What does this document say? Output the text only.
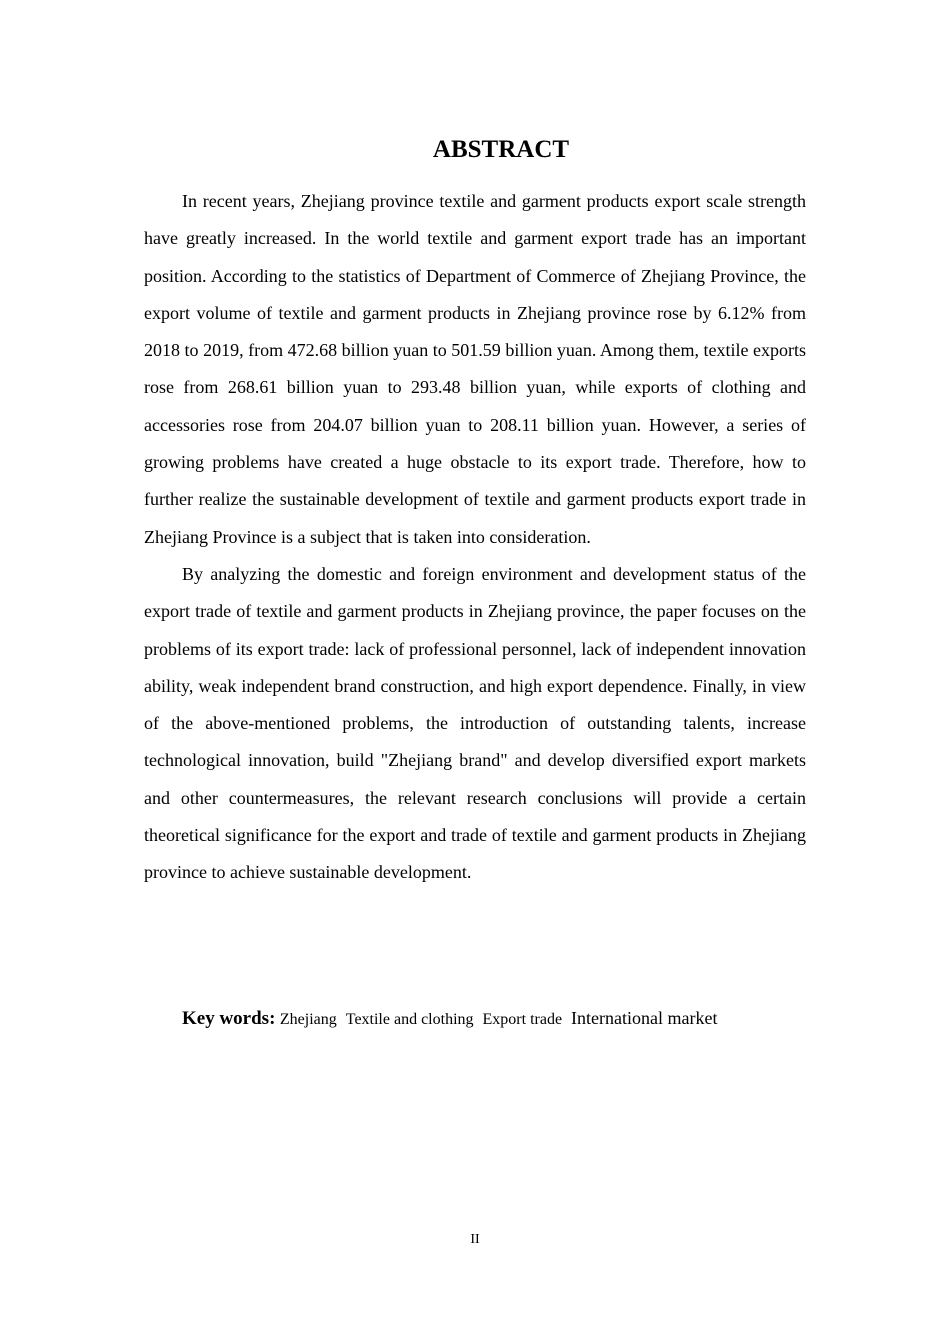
ABSTRACT

In recent years, Zhejiang province textile and garment products export scale strength have greatly increased. In the world textile and garment export trade has an important position. According to the statistics of Department of Commerce of Zhejiang Province, the export volume of textile and garment products in Zhejiang province rose by 6.12% from 2018 to 2019, from 472.68 billion yuan to 501.59 billion yuan. Among them, textile exports rose from 268.61 billion yuan to 293.48 billion yuan, while exports of clothing and accessories rose from 204.07 billion yuan to 208.11 billion yuan. However, a series of growing problems have created a huge obstacle to its export trade. Therefore, how to further realize the sustainable development of textile and garment products export trade in Zhejiang Province is a subject that is taken into consideration.

By analyzing the domestic and foreign environment and development status of the export trade of textile and garment products in Zhejiang province, the paper focuses on the problems of its export trade: lack of professional personnel, lack of independent innovation ability, weak independent brand construction, and high export dependence. Finally, in view of the above-mentioned problems, the introduction of outstanding talents, increase technological innovation, build "Zhejiang brand" and develop diversified export markets and other countermeasures, the relevant research conclusions will provide a certain theoretical significance for the export and trade of textile and garment products in Zhejiang province to achieve sustainable development.

Key words: Zhejiang Textile and clothing Export trade International market
II
